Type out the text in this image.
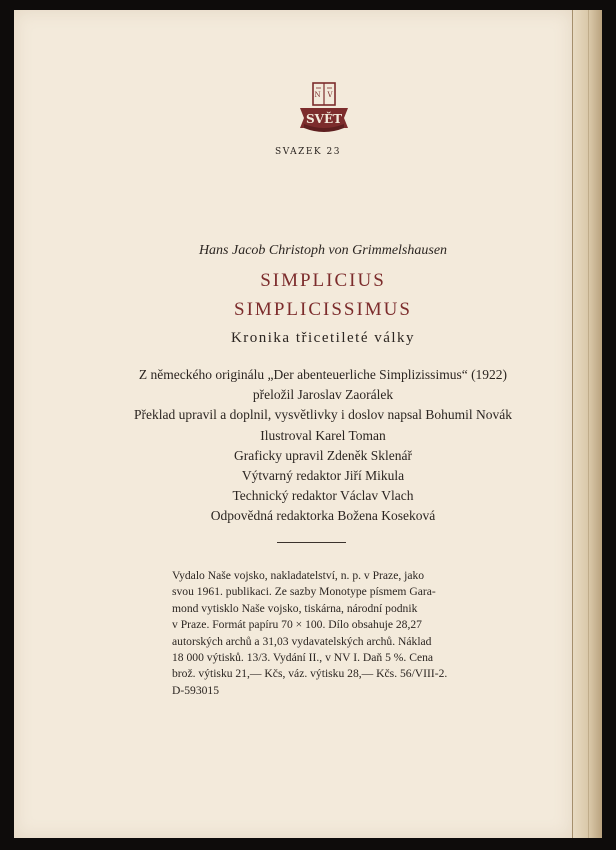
N V
SVĚT
SVAZEK 23
Hans Jacob Christoph von Grimmelshausen
SIMPLICIUS
SIMPLICISSIMUS
Kronika třicetileté války
Z německého originálu „Der abenteuerliche Simplizissimus“ (1922)
přeložil Jaroslav Zaorálek
Překlad upravil a doplnil, vysvětlivky i doslov napsal Bohumil Novák
Ilustroval Karel Toman
Graficky upravil Zdeněk Sklenář
Výtvarný redaktor Jiří Mikula
Technický redaktor Václav Vlach
Odpovědná redaktorka Božena Koseková
Vydalo Naše vojsko, nakladatelství, n. p. v Praze, jako
svou 1961. publikaci. Ze sazby Monotype písmem Gara-
mond vytisklo Naše vojsko, tiskárna, národní podnik
v Praze. Formát papíru 70 × 100. Dílo obsahuje 28,27
autorských archů a 31,03 vydavatelských archů. Náklad
18 000 výtisků. 13/3. Vydání II., v NV I. Daň 5 %. Cena
brož. výtisku 21,— Kčs, váz. výtisku 28,— Kčs. 56/VIII-2.
D-593015
